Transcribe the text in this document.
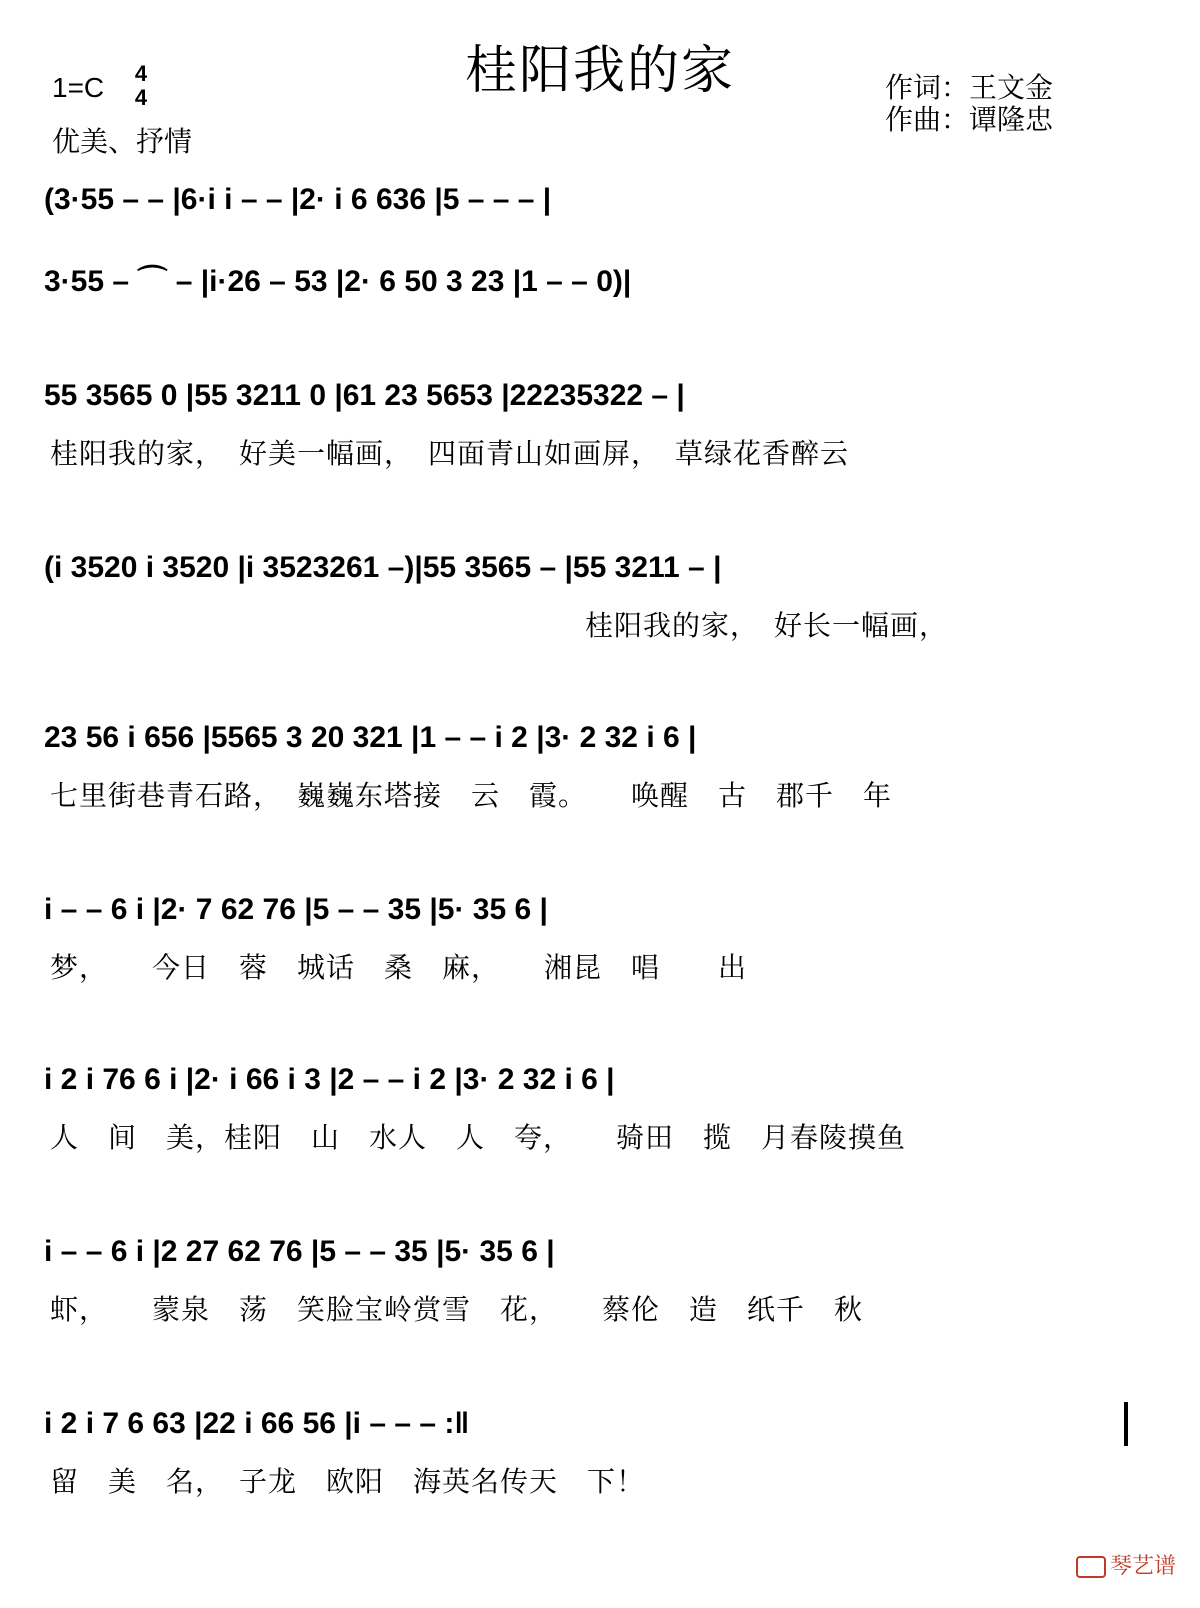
桂阳我的家
1=C 4
4
优美、抒情
作词：王文金
作曲：谭隆忠
(3·55 – – |6·i i – – |2· i 6 636 |5 – – – |
3·55 – ⌒ – |i·26 – 53 |2· 6 50 3 23 |1 – – 0)|
55 3565 0 |55 3211 0 |61 23 5653 |22235322 – |
桂阳我的家，　好美一幅画，　四面青山如画屏，　草绿花香醉云
(i 3520 i 3520 |i 3523261 –)|55 3565 – |55 3211 – |
桂阳我的家，　好长一幅画，
23 56 i 656 |5565 3 20 321 |1 – – i 2 |3· 2 32 i 6 |
七里街巷青石路，　巍巍东塔接　云　霞。　　唤醒　古　郡千　年
i – – 6 i |2· 7 62 76 |5 – – 35 |5· 35 6 |
梦，　　今日　蓉　城话　桑　麻，　　湘昆　唱　　出
i 2 i 76 6 i |2· i 66 i 3 |2 – – i 2 |3· 2 32 i 6 |
人　间　美，桂阳　山　水人　人　夸，　　骑田　揽　月春陵摸鱼
i – – 6 i |2 27 62 76 |5 – – 35 |5· 35 6 |
虾，　　蒙泉　荡　笑脸宝岭赏雪　花，　　蔡伦　造　纸千　秋
i 2 i 7 6 63 |22 i 66 56 |i – – – :‖
留　美　名，　子龙　欧阳　海英名传天　下！
琴艺谱
